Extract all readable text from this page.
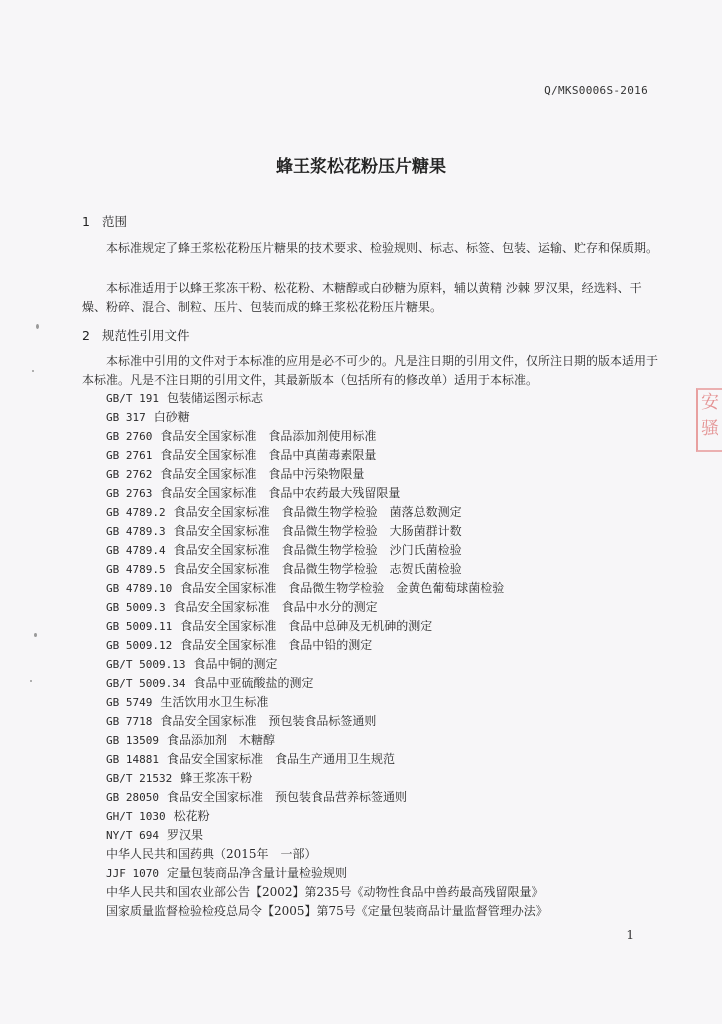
Q/MKS0006S-2016
蜂王浆松花粉压片糖果
1 范围
本标准规定了蜂王浆松花粉压片糖果的技术要求、检验规则、标志、标签、包装、运输、贮存和保质期。
本标准适用于以蜂王浆冻干粉、松花粉、木糖醇或白砂糖为原料，辅以黄精 沙棘 罗汉果，经选料、干燥、粉碎、混合、制粒、压片、包装而成的蜂王浆松花粉压片糖果。
2 规范性引用文件
本标准中引用的文件对于本标准的应用是必不可少的。凡是注日期的引用文件，仅所注日期的版本适用于本标准。凡是不注日期的引用文件，其最新版本（包括所有的修改单）适用于本标准。
GB/T 191 包装储运图示标志
GB 317 白砂糖
GB 2760 食品安全国家标准　食品添加剂使用标准
GB 2761 食品安全国家标准　食品中真菌毒素限量
GB 2762 食品安全国家标准　食品中污染物限量
GB 2763 食品安全国家标准　食品中农药最大残留限量
GB 4789.2 食品安全国家标准　食品微生物学检验　菌落总数测定
GB 4789.3 食品安全国家标准　食品微生物学检验　大肠菌群计数
GB 4789.4 食品安全国家标准　食品微生物学检验　沙门氏菌检验
GB 4789.5 食品安全国家标准　食品微生物学检验　志贺氏菌检验
GB 4789.10 食品安全国家标准　食品微生物学检验　金黄色葡萄球菌检验
GB 5009.3 食品安全国家标准　食品中水分的测定
GB 5009.11 食品安全国家标准　食品中总砷及无机砷的测定
GB 5009.12 食品安全国家标准　食品中铅的测定
GB/T 5009.13 食品中铜的测定
GB/T 5009.34 食品中亚硫酸盐的测定
GB 5749 生活饮用水卫生标准
GB 7718 食品安全国家标准　预包装食品标签通则
GB 13509 食品添加剂　木糖醇
GB 14881 食品安全国家标准　食品生产通用卫生规范
GB/T 21532 蜂王浆冻干粉
GB 28050 食品安全国家标准　预包装食品营养标签通则
GH/T 1030 松花粉
NY/T 694 罗汉果
中华人民共和国药典（2015年　一部）
JJF 1070 定量包装商品净含量计量检验规则
中华人民共和国农业部公告【2002】第235号《动物性食品中兽药最高残留限量》
国家质量监督检验检疫总局令【2005】第75号《定量包装商品计量监督管理办法》
1
安
骚
